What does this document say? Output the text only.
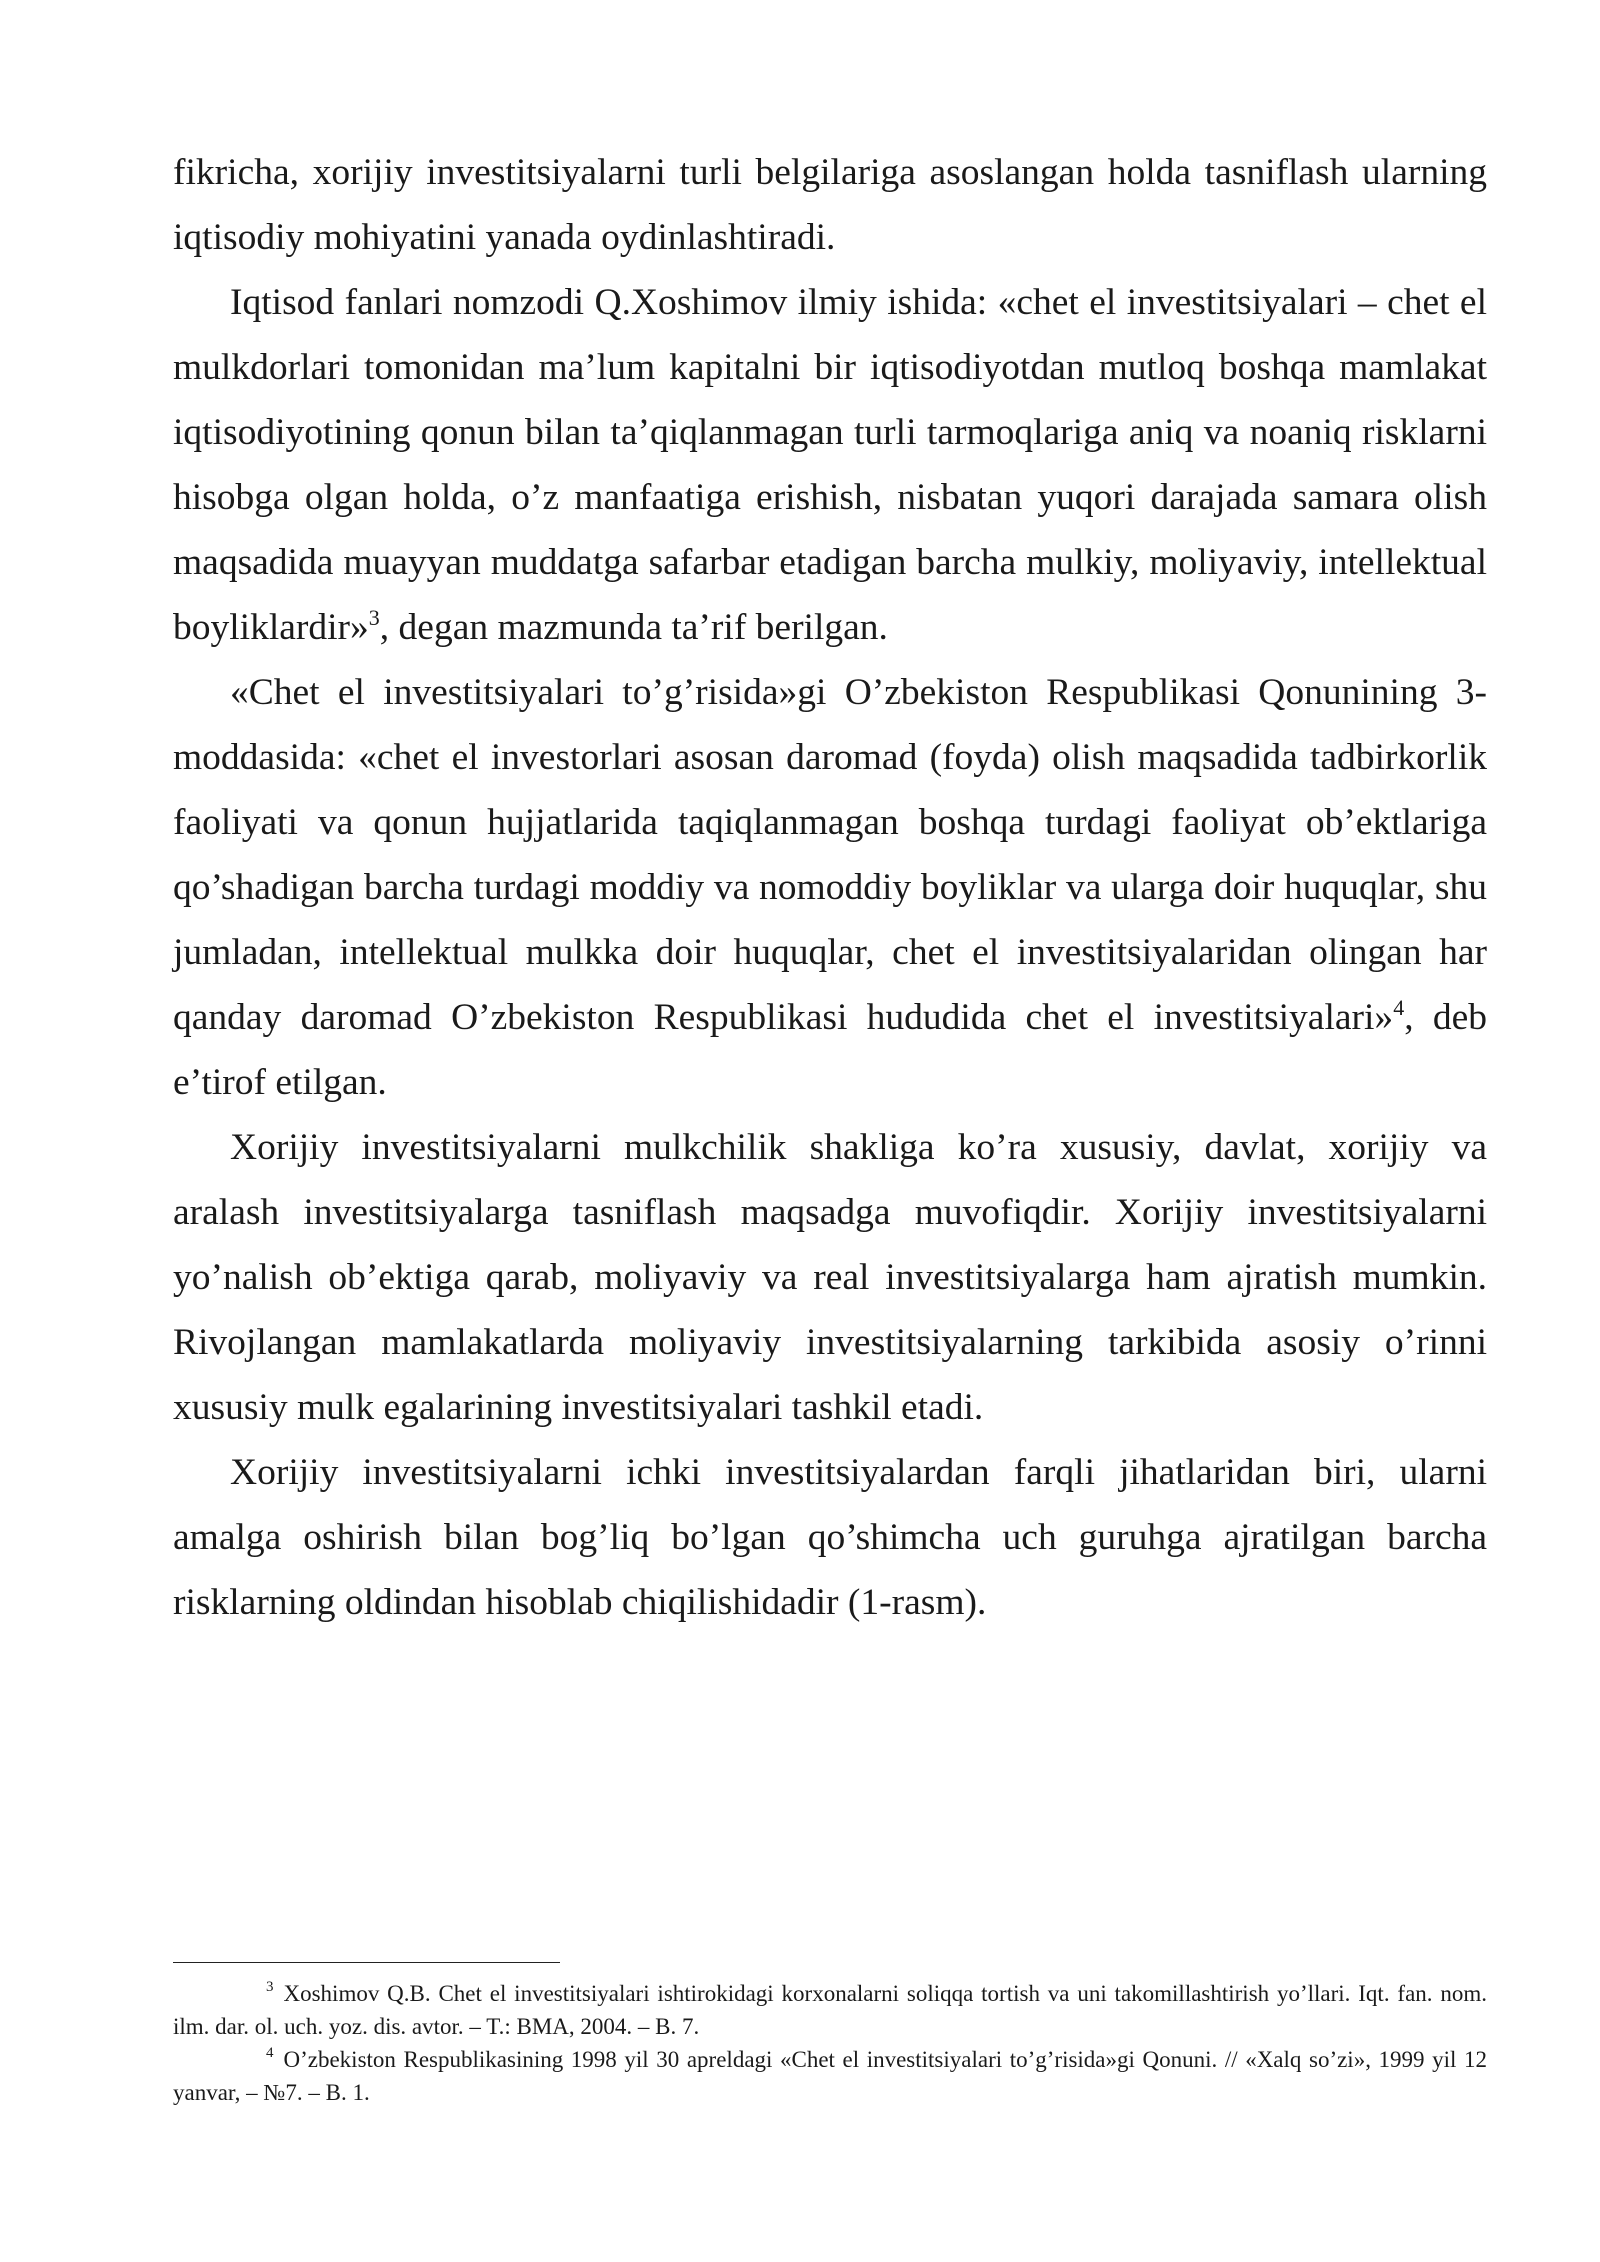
fikricha, xorijiy investitsiyalarni turli belgilariga asoslangan holda tasniflash ularning iqtisodiy mohiyatini yanada oydinlashtiradi.

Iqtisod fanlari nomzodi Q.Xoshimov ilmiy ishida: «chet el investitsiyalari – chet el mulkdorlari tomonidan ma’lum kapitalni bir iqtisodiyotdan mutloq boshqa mamlakat iqtisodiyotining qonun bilan ta’qiqlanmagan turli tarmoqlariga aniq va noaniq risklarni hisobga olgan holda, o’z manfaatiga erishish, nisbatan yuqori darajada samara olish maqsadida muayyan muddatga safarbar etadigan barcha mulkiy, moliyaviy, intellektual boyliklardir»$^3$, degan mazmunda ta’rif berilgan.

«Chet el investitsiyalari to’g’risida»gi O’zbekiston Respublikasi Qonunining 3-moddasida: «chet el investorlari asosan daromad (foyda) olish maqsadida tadbirkorlik faoliyati va qonun hujjatlarida taqiqlanmagan boshqa turdagi faoliyat ob’ektlariga qo’shadigan barcha turdagi moddiy va nomoddiy boyliklar va ularga doir huquqlar, shu jumladan, intellektual mulkka doir huquqlar, chet el investitsiyalaridan olingan har qanday daromad O’zbekiston Respublikasi hududida chet el investitsiyalari»$^4$, deb e’tirof etilgan.

Xorijiy investitsiyalarni mulkchilik shakliga ko’ra xususiy, davlat, xorijiy va aralash investitsiyalarga tasniflash maqsadga muvofiqdir. Xorijiy investitsiyalarni yo’nalish ob’ektiga qarab, moliyaviy va real investitsiyalarga ham ajratish mumkin. Rivojlangan mamlakatlarda moliyaviy investitsiyalarning tarkibida asosiy o’rinni xususiy mulk egalarining investitsiyalari tashkil etadi.

Xorijiy investitsiyalarni ichki investitsiyalardan farqli jihatlaridan biri, ularni amalga oshirish bilan bog’liq bo’lgan qo’shimcha uch guruhga ajratilgan barcha risklarning oldindan hisoblab chiqilishidadir (1-rasm).

$^3$ Xoshimov Q.B. Chet el investitsiyalari ishtirokidagi korxonalarni soliqqa tortish va uni takomillashtirish yo’llari. Iqt. fan. nom. ilm. dar. ol. uch. yoz. dis. avtor. – T.: BMA, 2004. – B. 7.

$^4$ O’zbekiston Respublikasining 1998 yil 30 apreldagi «Chet el investitsiyalari to’g’risida»gi Qonuni. // «Xalq so’zi», 1999 yil 12 yanvar, – №7. – B. 1.
